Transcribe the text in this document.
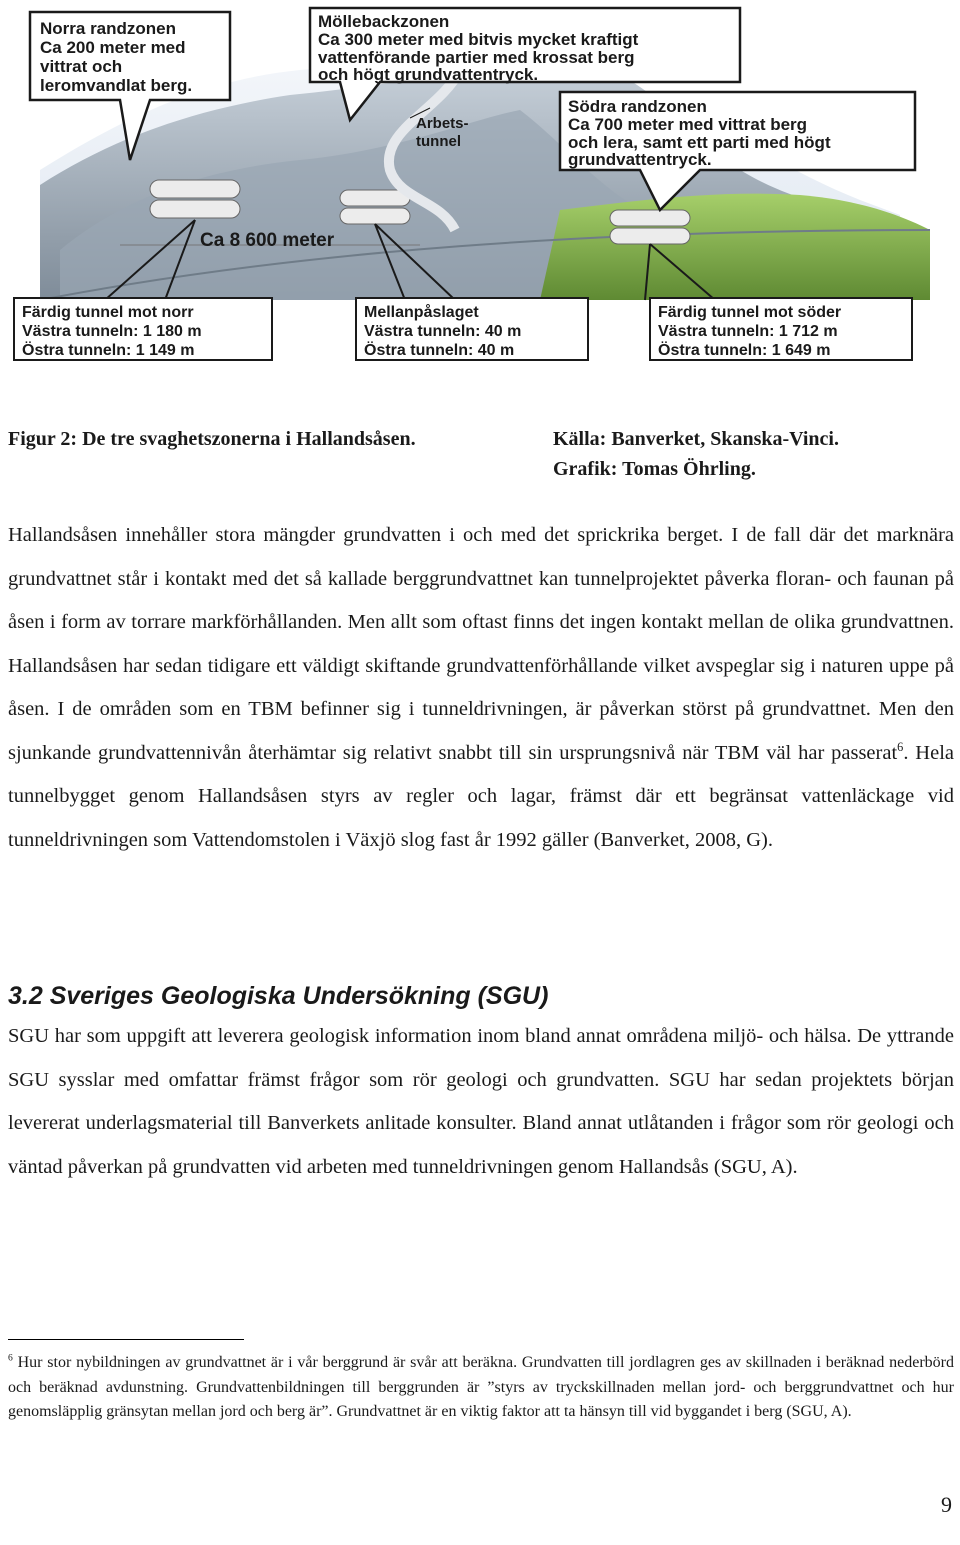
Ca 8 600 meter
Norra randzonen
Ca 200 meter med
vittrat och
leromvandlat berg.
Möllebackzonen
Ca 300 meter med bitvis mycket kraftigt
vattenförande partier med krossat berg
och högt grundvattentryck.
Södra randzonen
Ca 700 meter med vittrat berg
och lera, samt ett parti med högt
grundvattentryck.
Arbets-
tunnel
Färdig tunnel mot norr
Västra tunneln: 1 180 m
Östra tunneln: 1 149 m
Mellanpåslaget
Västra tunneln: 40 m
Östra tunneln: 40 m
Färdig tunnel mot söder
Västra tunneln: 1 712 m
Östra tunneln: 1 649 m
Figur 2: De tre svaghetszonerna i Hallandsåsen.	Källa: Banverket, Skanska-Vinci.
Grafik: Tomas Öhrling.

Hallandsåsen innehåller stora mängder grundvatten i och med det sprickrika berget. I de fall där det marknära grundvattnet står i kontakt med det så kallade berggrundvattnet kan tunnelprojektet påverka floran- och faunan på åsen i form av torrare markförhållanden. Men allt som oftast finns det ingen kontakt mellan de olika grundvattnen. Hallandsåsen har sedan tidigare ett väldigt skiftande grundvattenförhållande vilket avspeglar sig i naturen uppe på åsen. I de områden som en TBM befinner sig i tunneldrivningen, är påverkan störst på grundvattnet. Men den sjunkande grundvattennivån återhämtar sig relativt snabbt till sin ursprungsnivå när TBM väl har passerat$^6$. Hela tunnelbygget genom Hallandsåsen styrs av regler och lagar, främst där ett begränsat vattenläckage vid tunneldrivningen som Vattendomstolen i Växjö slog fast år 1992 gäller (Banverket, 2008, G).

3.2 Sveriges Geologiska Undersökning (SGU)

SGU har som uppgift att leverera geologisk information inom bland annat områdena miljö- och hälsa. De yttrande SGU sysslar med omfattar främst frågor som rör geologi och grundvatten. SGU har sedan projektets början levererat underlagsmaterial till Banverkets anlitade konsulter. Bland annat utlåtanden i frågor som rör geologi och väntad påverkan på grundvatten vid arbeten med tunneldrivningen genom Hallandsås (SGU, A).

$^6$ Hur stor nybildningen av grundvattnet är i vår berggrund är svår att beräkna. Grundvatten till jordlagren ges av skillnaden i beräknad nederbörd och beräknad avdunstning. Grundvattenbildningen till berggrunden är ”styrs av tryckskillnaden mellan jord- och berggrundvattnet och hur genomsläpplig gränsytan mellan jord och berg är”. Grundvattnet är en viktig faktor att ta hänsyn till vid byggandet i berg (SGU, A).

9
